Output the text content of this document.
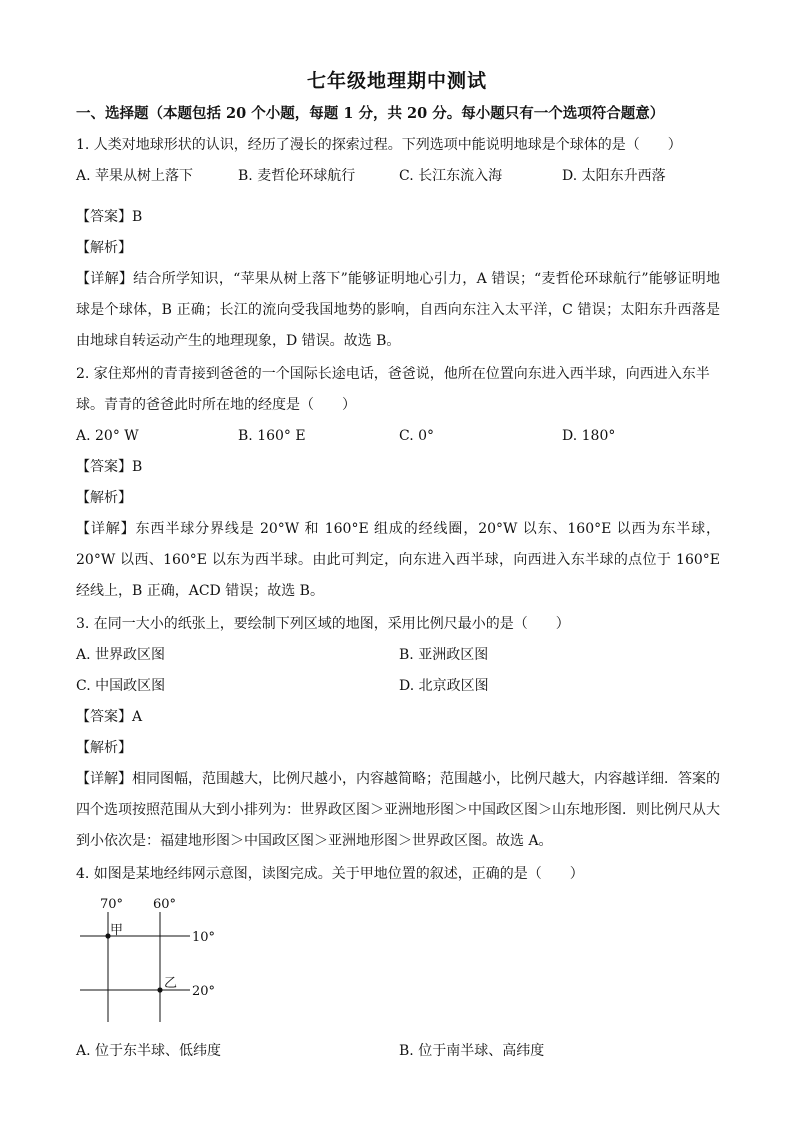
七年级地理期中测试
一、选择题（本题包括 20 个小题，每题 1 分，共 20 分。每小题只有一个选项符合题意）
1. 人类对地球形状的认识，经历了漫长的探索过程。下列选项中能说明地球是个球体的是（　　）
A. 苹果从树上落下	B. 麦哲伦环球航行	C. 长江东流入海	D. 太阳东升西落
【答案】B
【解析】
【详解】结合所学知识，“苹果从树上落下”能够证明地心引力，A 错误；“麦哲伦环球航行”能够证明地球是个球体，B 正确；长江的流向受我国地势的影响，自西向东注入太平洋，C 错误；太阳东升西落是由地球自转运动产生的地理现象，D 错误。故选 B。
2. 家住郑州的青青接到爸爸的一个国际长途电话，爸爸说，他所在位置向东进入西半球，向西进入东半
球。青青的爸爸此时所在地的经度是（　　）
A. 20° W	B. 160° E	C. 0°	D. 180°
【答案】B
【解析】
【详解】东西半球分界线是 20°W 和 160°E 组成的经线圈，20°W 以东、160°E 以西为东半球，20°W 以西、160°E 以东为西半球。由此可判定，向东进入西半球，向西进入东半球的点位于 160°E 经线上，B 正确，ACD 错误；故选 B。
3. 在同一大小的纸张上，要绘制下列区域的地图，采用比例尺最小的是（　　）
A. 世界政区图	B. 亚洲政区图
C. 中国政区图	D. 北京政区图
【答案】A
【解析】
【详解】相同图幅，范围越大，比例尺越小，内容越简略；范围越小，比例尺越大，内容越详细．答案的四个选项按照范围从大到小排列为：世界政区图＞亚洲地形图＞中国政区图＞山东地形图．则比例尺从大到小依次是：福建地形图＞中国政区图＞亚洲地形图＞世界政区图。故选 A。
4. 如图是某地经纬网示意图，读图完成。关于甲地位置的叙述，正确的是（　　）
70° 60°
10°
20°
甲
乙
A. 位于东半球、低纬度	B. 位于南半球、高纬度
